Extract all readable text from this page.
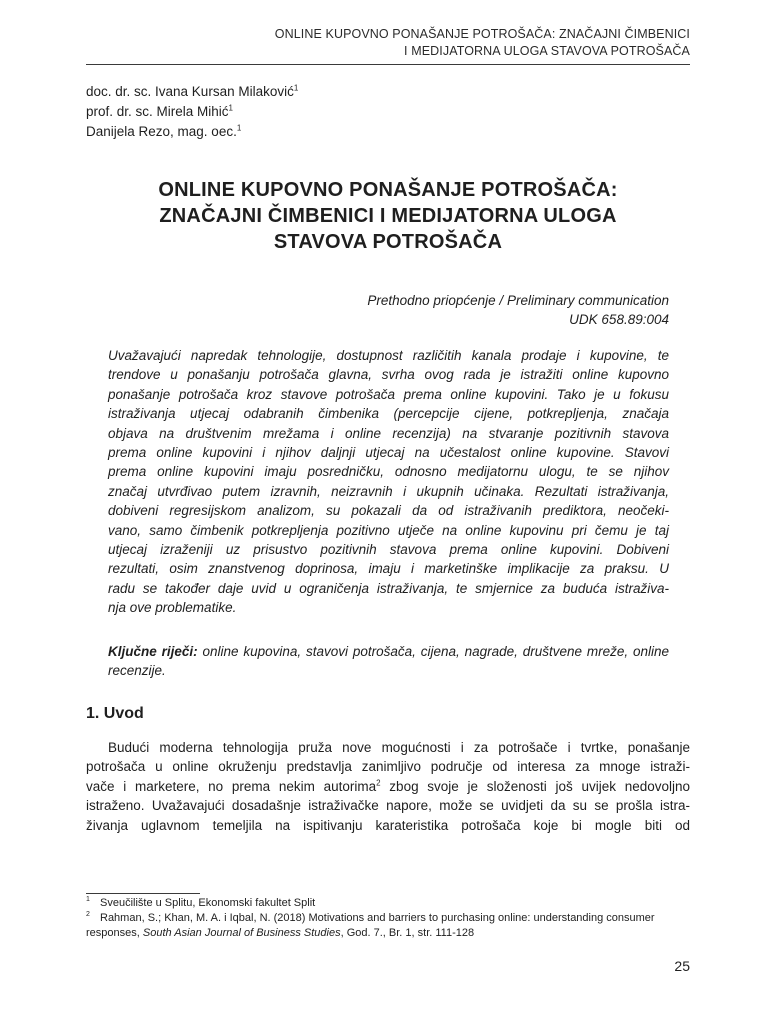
ONLINE KUPOVNO PONAŠANJE POTROŠAČA: ZNAČAJNI ČIMBENICI
I MEDIJATORNA ULOGA STAVOVA POTROŠAČA
doc. dr. sc. Ivana Kursan Milaković$^1$
prof. dr. sc. Mirela Mihić$^1$
Danijela Rezo, mag. oec.$^1$
ONLINE KUPOVNO PONAŠANJE POTROŠAČA:
ZNAČAJNI ČIMBENICI I MEDIJATORNA ULOGA
STAVOVA POTROŠAČA
Prethodno priopćenje / Preliminary communication
UDK 658.89:004
Uvažavajući napredak tehnologije, dostupnost različitih kanala prodaje i kupovine, te
trendove u ponašanju potrošača glavna, svrha ovog rada je istražiti online kupovno
ponašanje potrošača kroz stavove potrošača prema online kupovini. Tako je u fokusu
istraživanja utjecaj odabranih čimbenika (percepcije cijene, potkrepljenja, značaja
objava na društvenim mrežama i online recenzija) na stvaranje pozitivnih stavova
prema online kupovini i njihov daljnji utjecaj na učestalost online kupovine. Stavovi
prema online kupovini imaju posredničku, odnosno medijatornu ulogu, te se njihov
značaj utvrđivao putem izravnih, neizravnih i ukupnih učinaka. Rezultati istraživanja,
dobiveni regresijskom analizom, su pokazali da od istraživanih prediktora, neočeki-
vano, samo čimbenik potkrepljenja pozitivno utječe na online kupovinu pri čemu je taj
utjecaj izraženiji uz prisustvo pozitivnih stavova prema online kupovini. Dobiveni
rezultati, osim znanstvenog doprinosa, imaju i marketinške implikacije za praksu. U
radu se također daje uvid u ograničenja istraživanja, te smjernice za buduća istraživa-
nja ove problematike.
Ključne riječi: online kupovina, stavovi potrošača, cijena, nagrade, društvene mreže, online recenzije.
1. Uvod
Budući moderna tehnologija pruža nove mogućnosti i za potrošače i tvrtke, ponašanje
potrošača u online okruženju predstavlja zanimljivo područje od interesa za mnoge istraži-
vače i marketere, no prema nekim autorima$^2$ zbog svoje je složenosti još uvijek nedovoljno
istraženo. Uvažavajući dosadašnje istraživačke napore, može se uvidjeti da su se prošla istra-
živanja uglavnom temeljila na ispitivanju karateristika potrošača koje bi mogle biti od
$^1$ Sveučilište u Splitu, Ekonomski fakultet Split
$^2$ Rahman, S.; Khan, M. A. i Iqbal, N. (2018) Motivations and barriers to purchasing online: understanding consumer
responses, South Asian Journal of Business Studies, God. 7., Br. 1, str. 111-128
25
